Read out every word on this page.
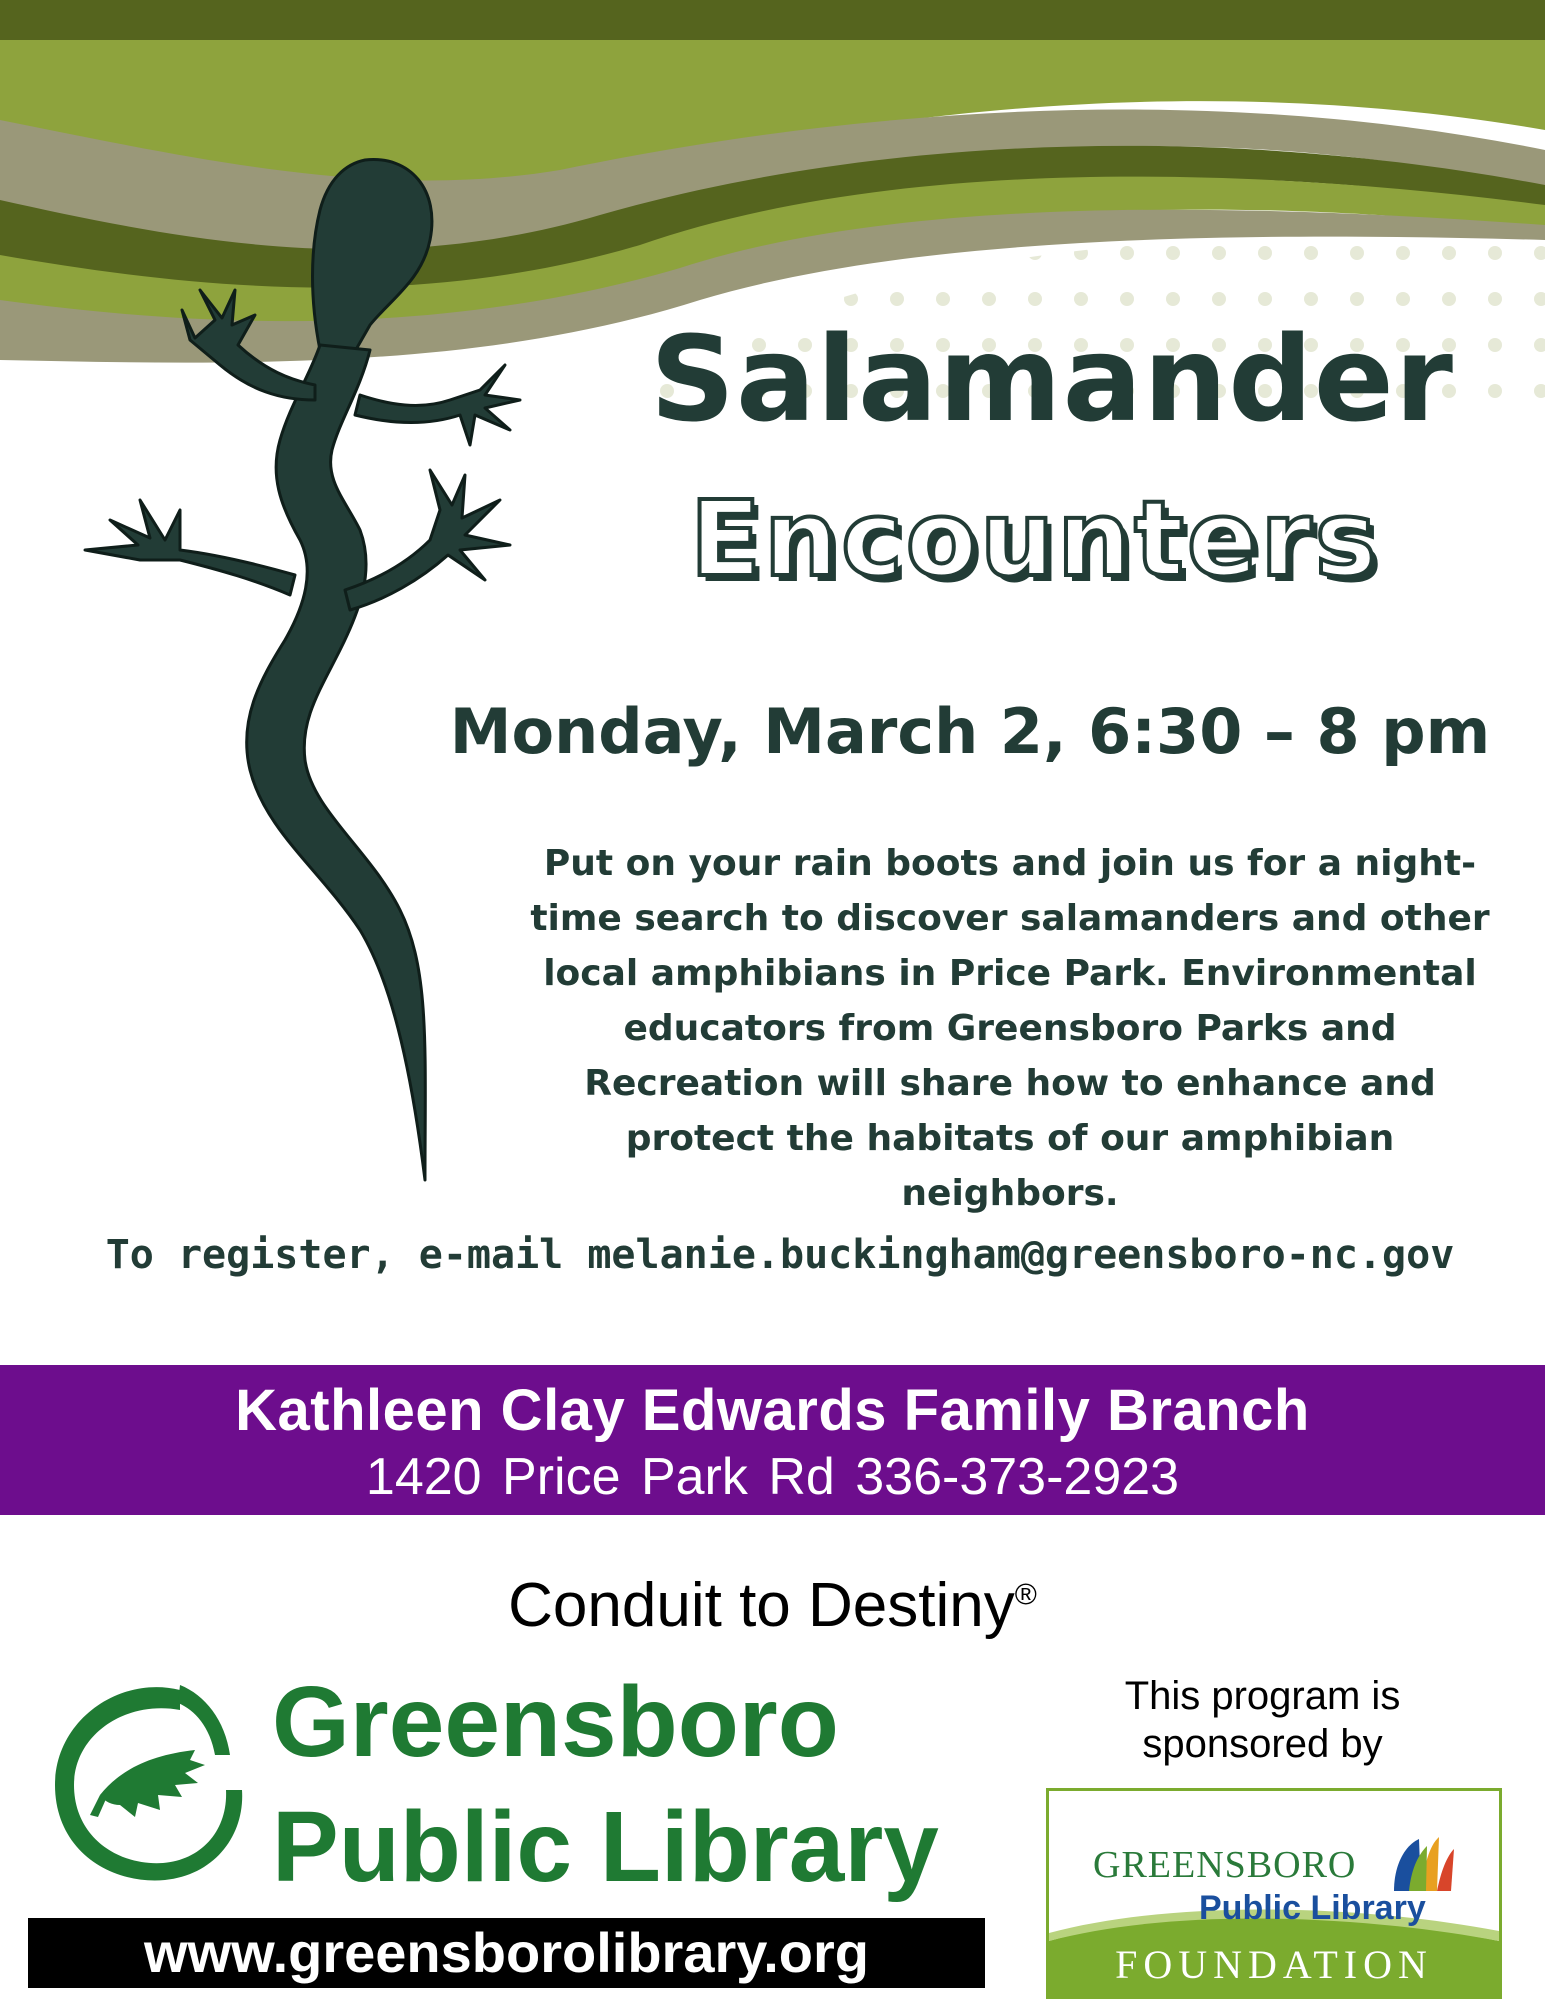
Salamander
Encounters
Monday, March 2, 6:30 – 8 pm
Put on your rain boots and join us for a night-time search to discover salamanders and other local amphibians in Price Park. Environmental educators from Greensboro Parks and Recreation will share how to enhance and protect the habitats of our amphibian neighbors.
To register, e-mail melanie.buckingham@greensboro-nc.gov
Kathleen Clay Edwards Family Branch
1420 Price Park Rd 336-373-2923
Conduit to Destiny®
Greensboro
Public Library
www.greensborolibrary.org
This program is
sponsored by
GREENSBORO
Public Library
FOUNDATION
